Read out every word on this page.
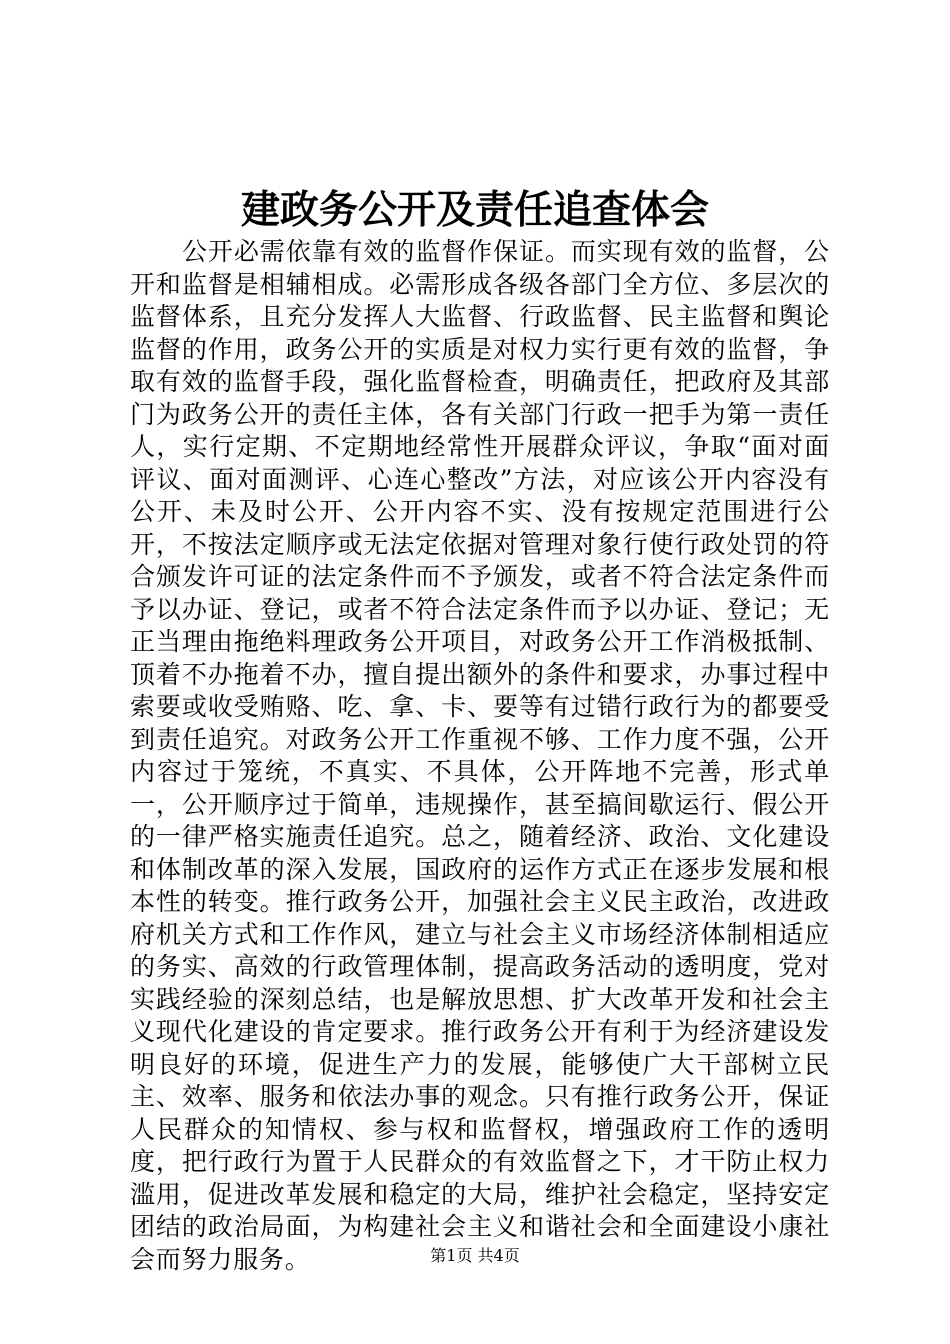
建政务公开及责任追查体会

公开必需依靠有效的监督作保证。而实现有效的监督，公开和监督是相辅相成。必需形成各级各部门全方位、多层次的监督体系，且充分发挥人大监督、行政监督、民主监督和舆论监督的作用，政务公开的实质是对权力实行更有效的监督，争取有效的监督手段，强化监督检查，明确责任，把政府及其部门为政务公开的责任主体，各有关部门行政一把手为第一责任人，实行定期、不定期地经常性开展群众评议，争取“面对面评议、面对面测评、心连心整改”方法，对应该公开内容没有公开、未及时公开、公开内容不实、没有按规定范围进行公开，不按法定顺序或无法定依据对管理对象行使行政处罚的符合颁发许可证的法定条件而不予颁发，或者不符合法定条件而予以办证、登记，或者不符合法定条件而予以办证、登记；无正当理由拖绝料理政务公开项目，对政务公开工作消极抵制、顶着不办拖着不办，擅自提出额外的条件和要求，办事过程中索要或收受贿赂、吃、拿、卡、要等有过错行政行为的都要受到责任追究。对政务公开工作重视不够、工作力度不强，公开内容过于笼统，不真实、不具体，公开阵地不完善，形式单一，公开顺序过于简单，违规操作，甚至搞间歇运行、假公开的一律严格实施责任追究。总之，随着经济、政治、文化建设和体制改革的深入发展，国政府的运作方式正在逐步发展和根本性的转变。推行政务公开，加强社会主义民主政治，改进政府机关方式和工作作风，建立与社会主义市场经济体制相适应的务实、高效的行政管理体制，提高政务活动的透明度，党对实践经验的深刻总结，也是解放思想、扩大改革开发和社会主义现代化建设的肯定要求。推行政务公开有利于为经济建设发明良好的环境，促进生产力的发展，能够使广大干部树立民主、效率、服务和依法办事的观念。只有推行政务公开，保证人民群众的知情权、参与权和监督权，增强政府工作的透明度，把行政行为置于人民群众的有效监督之下，才干防止权力滥用，促进改革发展和稳定的大局，维护社会稳定，坚持安定团结的政治局面，为构建社会主义和谐社会和全面建设小康社会而努力服务。	第1页 共4页
